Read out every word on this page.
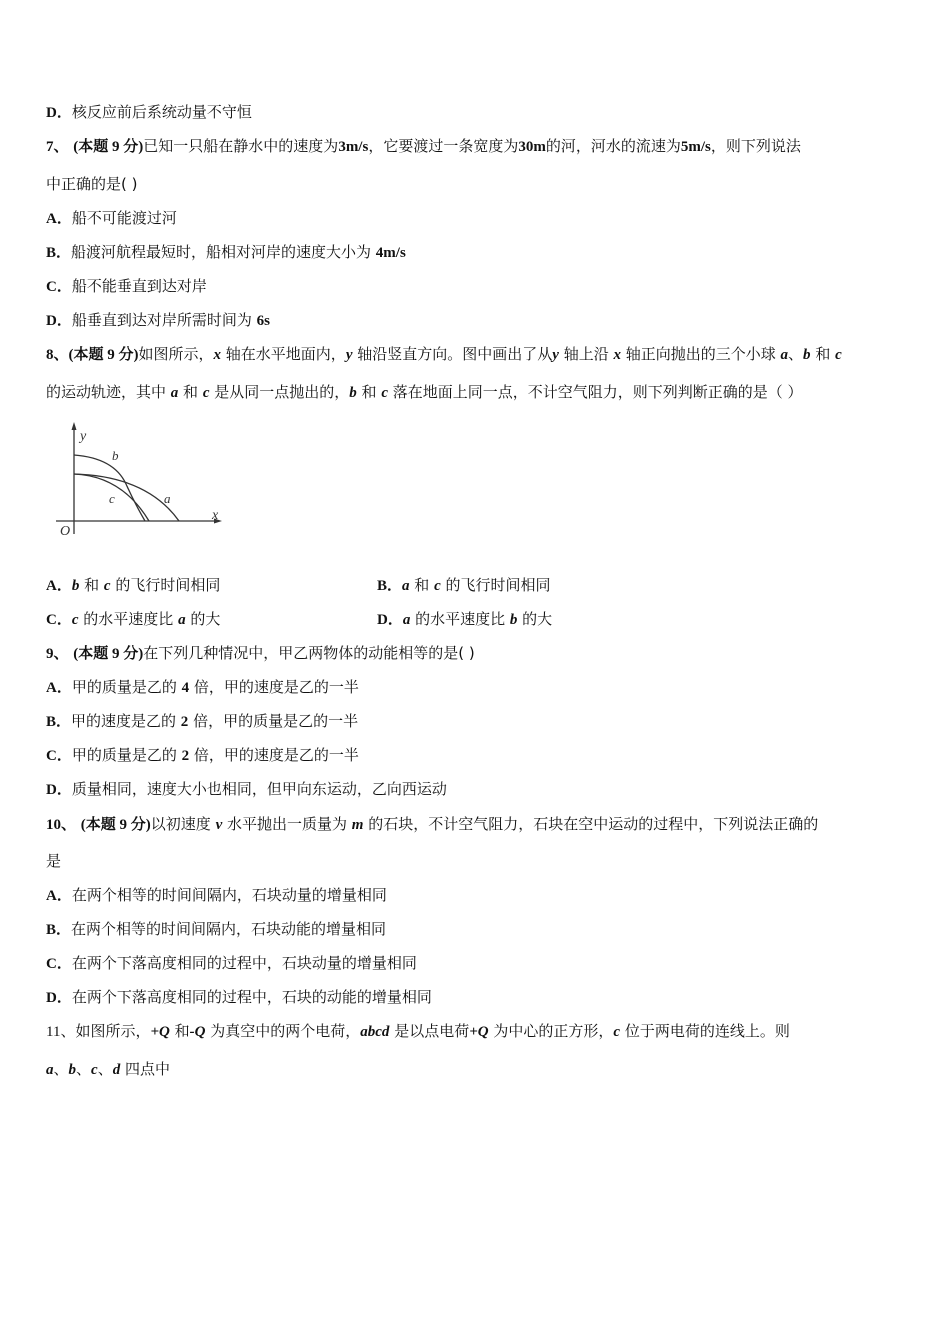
D．核反应前后系统动量不守恒
7、 (本题 9 分)已知一只船在静水中的速度为3m/s，它要渡过一条宽度为30m的河，河水的流速为5m/s，则下列说法
中正确的是( )
A．船不可能渡过河
B．船渡河航程最短时，船相对河岸的速度大小为 4m/s
C．船不能垂直到达对岸
D．船垂直到达对岸所需时间为 6s
8、(本题 9 分)如图所示，x 轴在水平地面内，y 轴沿竖直方向。图中画出了从y 轴上沿 x 轴正向抛出的三个小球 a、b 和 c
的运动轨迹，其中 a 和 c 是从同一点抛出的，b 和 c 落在地面上同一点，不计空气阻力，则下列判断正确的是（ ）
y
x
O
a
b
c
A．b 和 c 的飞行时间相同	B．a 和 c 的飞行时间相同
C．c 的水平速度比 a 的大	D．a 的水平速度比 b 的大
9、 (本题 9 分)在下列几种情况中，甲乙两物体的动能相等的是( )
A．甲的质量是乙的 4 倍，甲的速度是乙的一半
B．甲的速度是乙的 2 倍，甲的质量是乙的一半
C．甲的质量是乙的 2 倍，甲的速度是乙的一半
D．质量相同，速度大小也相同，但甲向东运动，乙向西运动
10、 (本题 9 分)以初速度 v 水平抛出一质量为 m 的石块，不计空气阻力，石块在空中运动的过程中，下列说法正确的
是
A．在两个相等的时间间隔内，石块动量的增量相同
B．在两个相等的时间间隔内，石块动能的增量相同
C．在两个下落高度相同的过程中，石块动量的增量相同
D．在两个下落高度相同的过程中，石块的动能的增量相同
11、如图所示，+Q 和-Q 为真空中的两个电荷，abcd 是以点电荷+Q 为中心的正方形，c 位于两电荷的连线上。则
a、b、c、d 四点中
